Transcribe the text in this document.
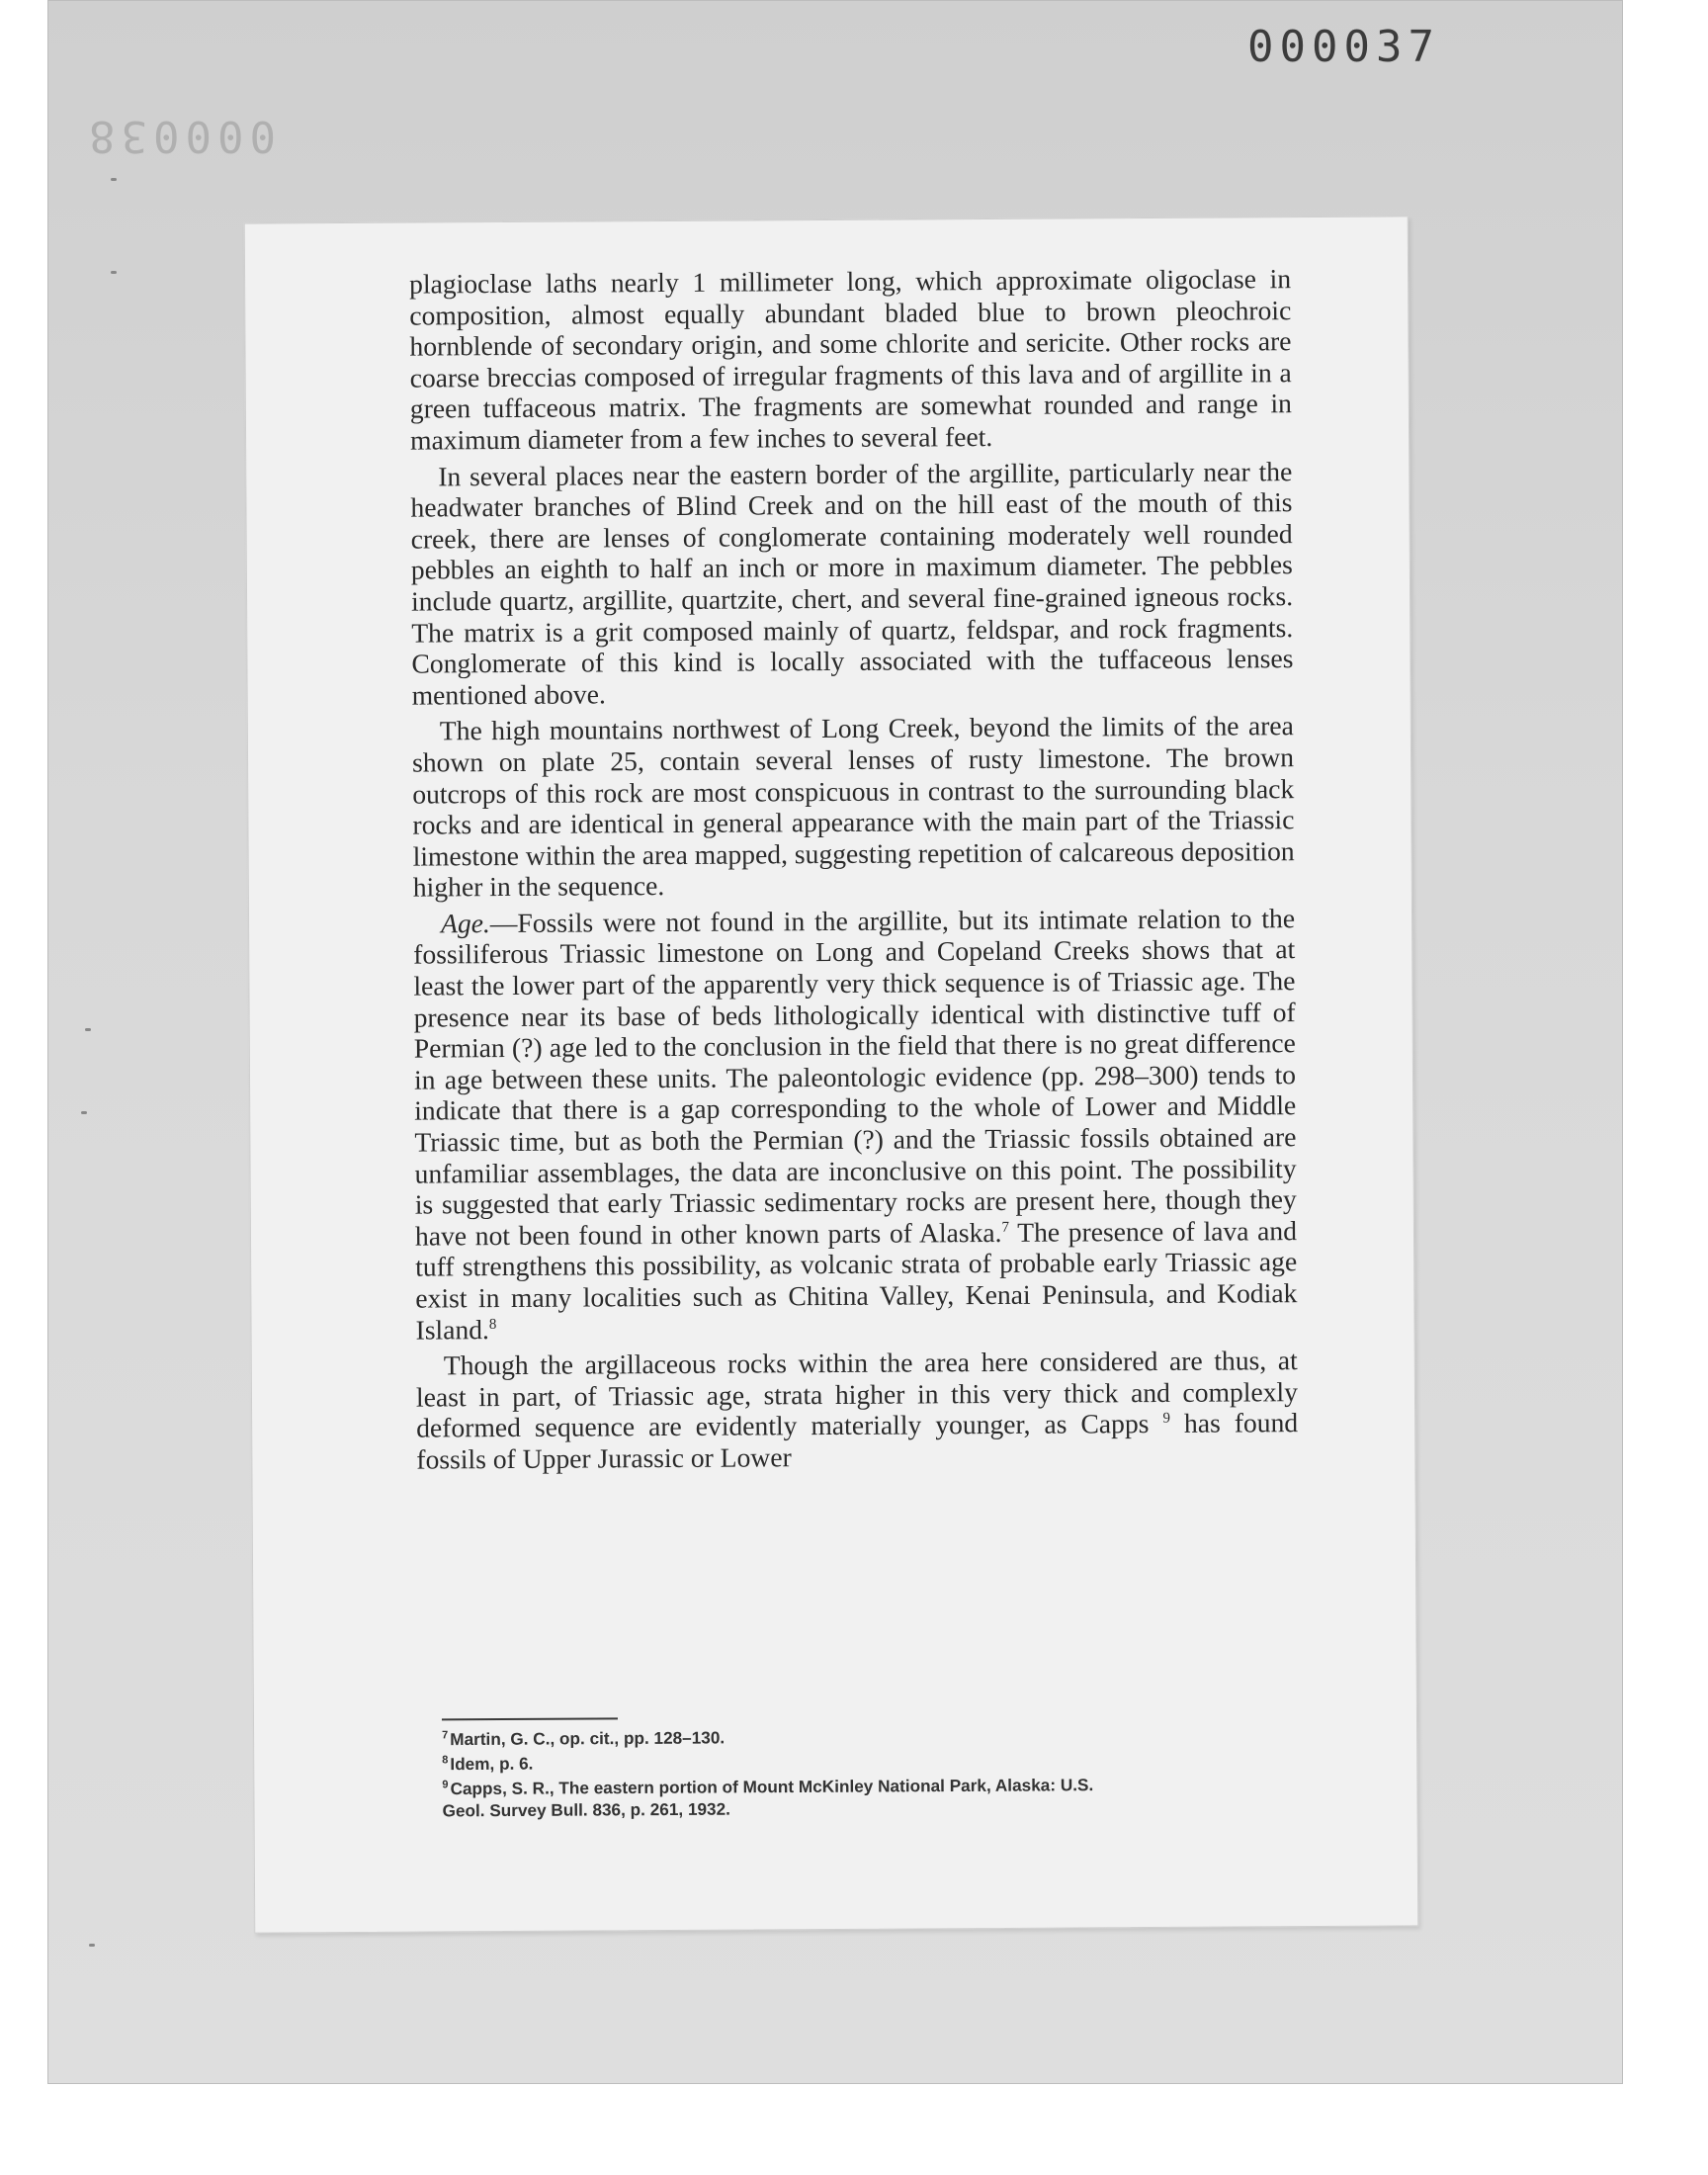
000037
000038

plagioclase laths nearly 1 millimeter long, which approximate oligoclase in composition, almost equally abundant bladed blue to brown pleochroic hornblende of secondary origin, and some chlorite and sericite. Other rocks are coarse breccias composed of irregular fragments of this lava and of argillite in a green tuffaceous matrix. The fragments are somewhat rounded and range in maximum diameter from a few inches to several feet.

In several places near the eastern border of the argillite, particularly near the headwater branches of Blind Creek and on the hill east of the mouth of this creek, there are lenses of conglomerate containing moderately well rounded pebbles an eighth to half an inch or more in maximum diameter. The pebbles include quartz, argillite, quartzite, chert, and several fine-grained igneous rocks. The matrix is a grit composed mainly of quartz, feldspar, and rock fragments. Conglomerate of this kind is locally associated with the tuffaceous lenses mentioned above.

The high mountains northwest of Long Creek, beyond the limits of the area shown on plate 25, contain several lenses of rusty limestone. The brown outcrops of this rock are most conspicuous in contrast to the surrounding black rocks and are identical in general appearance with the main part of the Triassic limestone within the area mapped, suggesting repetition of calcareous deposition higher in the sequence.

Age.—Fossils were not found in the argillite, but its intimate relation to the fossiliferous Triassic limestone on Long and Copeland Creeks shows that at least the lower part of the apparently very thick sequence is of Triassic age. The presence near its base of beds lithologically identical with distinctive tuff of Permian (?) age led to the conclusion in the field that there is no great difference in age between these units. The paleontologic evidence (pp. 298–300) tends to indicate that there is a gap corresponding to the whole of Lower and Middle Triassic time, but as both the Permian (?) and the Triassic fossils obtained are unfamiliar assemblages, the data are inconclusive on this point. The possibility is suggested that early Triassic sedimentary rocks are present here, though they have not been found in other known parts of Alaska.$^7$ The presence of lava and tuff strengthens this possibility, as volcanic strata of probable early Triassic age exist in many localities such as Chitina Valley, Kenai Peninsula, and Kodiak Island.$^8$

Though the argillaceous rocks within the area here considered are thus, at least in part, of Triassic age, strata higher in this very thick and complexly deformed sequence are evidently materially younger, as Capps $^9$ has found fossils of Upper Jurassic or Lower

$^7$ Martin, G. C., op. cit., pp. 128–130.

$^8$ Idem, p. 6.

$^9$ Capps, S. R., The eastern portion of Mount McKinley National Park, Alaska: U.S.

Geol. Survey Bull. 836, p. 261, 1932.
